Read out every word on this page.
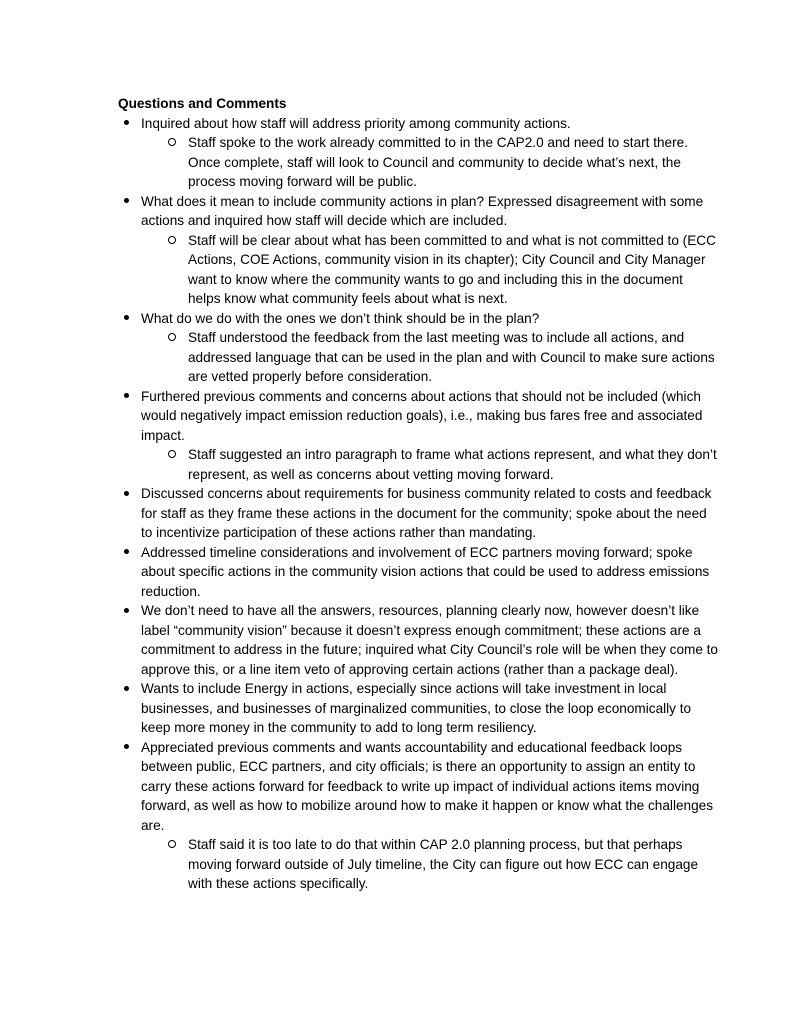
Questions and Comments

Inquired about how staff will address priority among community actions.
Staff spoke to the work already committed to in the CAP2.0 and need to start there. Once complete, staff will look to Council and community to decide what’s next, the process moving forward will be public.
What does it mean to include community actions in plan? Expressed disagreement with some actions and inquired how staff will decide which are included.
Staff will be clear about what has been committed to and what is not committed to (ECC Actions, COE Actions, community vision in its chapter); City Council and City Manager want to know where the community wants to go and including this in the document helps know what community feels about what is next.
What do we do with the ones we don’t think should be in the plan?
Staff understood the feedback from the last meeting was to include all actions, and addressed language that can be used in the plan and with Council to make sure actions are vetted properly before consideration.
Furthered previous comments and concerns about actions that should not be included (which would negatively impact emission reduction goals), i.e., making bus fares free and associated impact.
Staff suggested an intro paragraph to frame what actions represent, and what they don’t represent, as well as concerns about vetting moving forward.
Discussed concerns about requirements for business community related to costs and feedback for staff as they frame these actions in the document for the community; spoke about the need to incentivize participation of these actions rather than mandating.
Addressed timeline considerations and involvement of ECC partners moving forward; spoke about specific actions in the community vision actions that could be used to address emissions reduction.
We don’t need to have all the answers, resources, planning clearly now, however doesn’t like label “community vision” because it doesn’t express enough commitment; these actions are a commitment to address in the future; inquired what City Council’s role will be when they come to approve this, or a line item veto of approving certain actions (rather than a package deal).
Wants to include Energy in actions, especially since actions will take investment in local businesses, and businesses of marginalized communities, to close the loop economically to keep more money in the community to add to long term resiliency.
Appreciated previous comments and wants accountability and educational feedback loops between public, ECC partners, and city officials; is there an opportunity to assign an entity to carry these actions forward for feedback to write up impact of individual actions items moving forward, as well as how to mobilize around how to make it happen or know what the challenges are.
Staff said it is too late to do that within CAP 2.0 planning process, but that perhaps moving forward outside of July timeline, the City can figure out how ECC can engage with these actions specifically.
